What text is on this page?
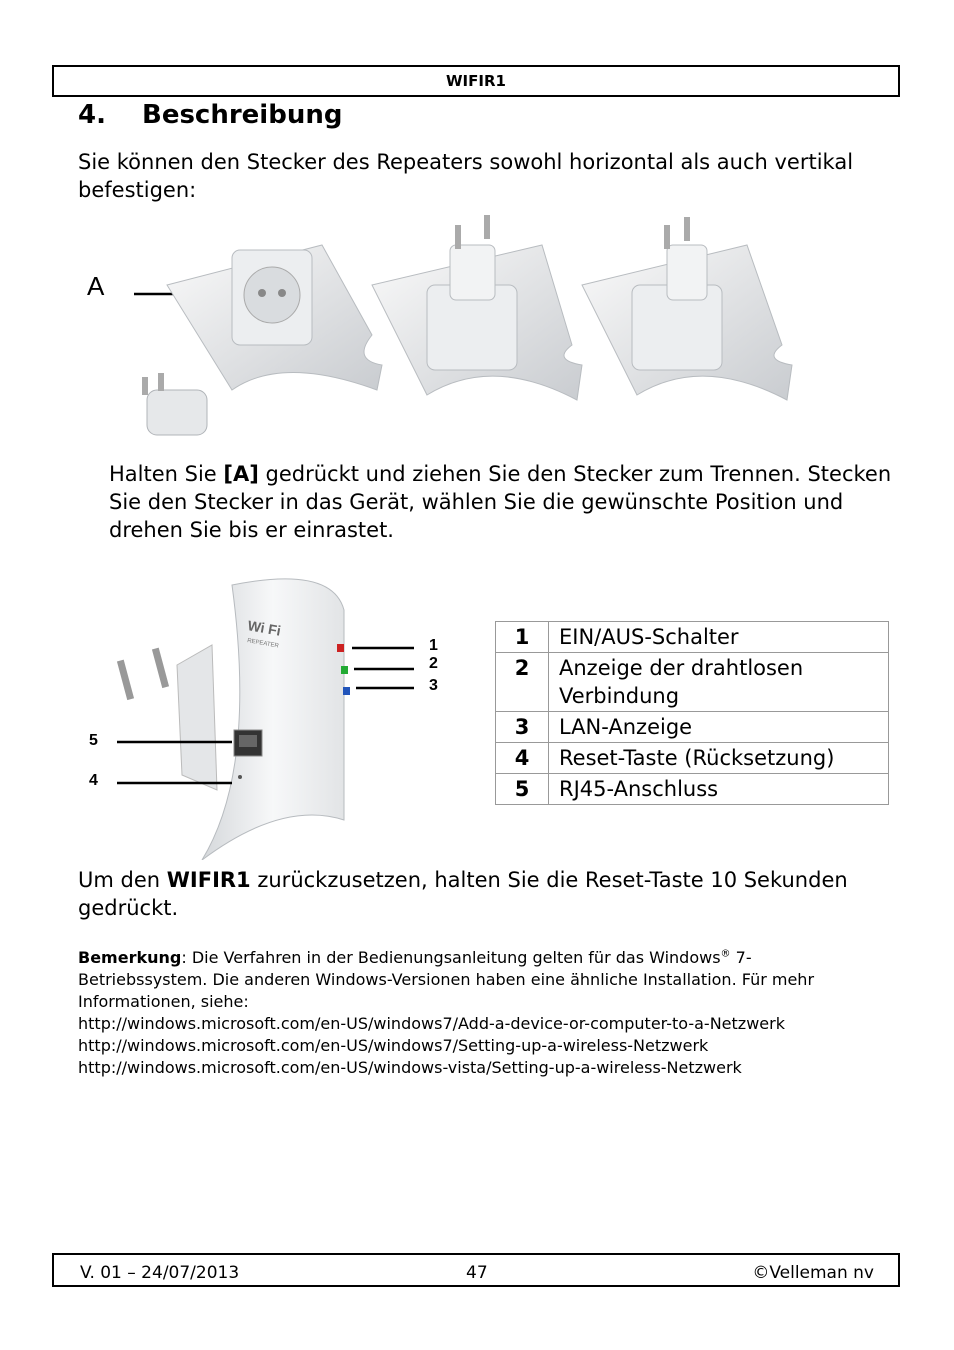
WIFIR1
4. Beschreibung
Sie können den Stecker des Repeaters sowohl horizontal als auch vertikal befestigen:
A
Halten Sie [A] gedrückt und ziehen Sie den Stecker zum Trennen. Stecken Sie den Stecker in das Gerät, wählen Sie die gewünschte Position und drehen Sie bis er einrastet.
Wi Fi
REPEATER	1
2
3
5
4
1	EIN/AUS-Schalter
2	Anzeige der drahtlosen Verbindung
3	LAN-Anzeige
4	Reset-Taste (Rücksetzung)
5	RJ45-Anschluss
Um den WIFIR1 zurückzusetzen, halten Sie die Reset-Taste 10 Sekunden gedrückt.
Bemerkung: Die Verfahren in der Bedienungsanleitung gelten für das Windows® 7-Betriebssystem. Die anderen Windows-Versionen haben eine ähnliche Installation. Für mehr Informationen, siehe:
http://windows.microsoft.com/en-US/windows7/Add-a-device-or-computer-to-a-Netzwerk
http://windows.microsoft.com/en-US/windows7/Setting-up-a-wireless-Netzwerk
http://windows.microsoft.com/en-US/windows-vista/Setting-up-a-wireless-Netzwerk
V. 01 – 24/07/2013	47	©Velleman nv
